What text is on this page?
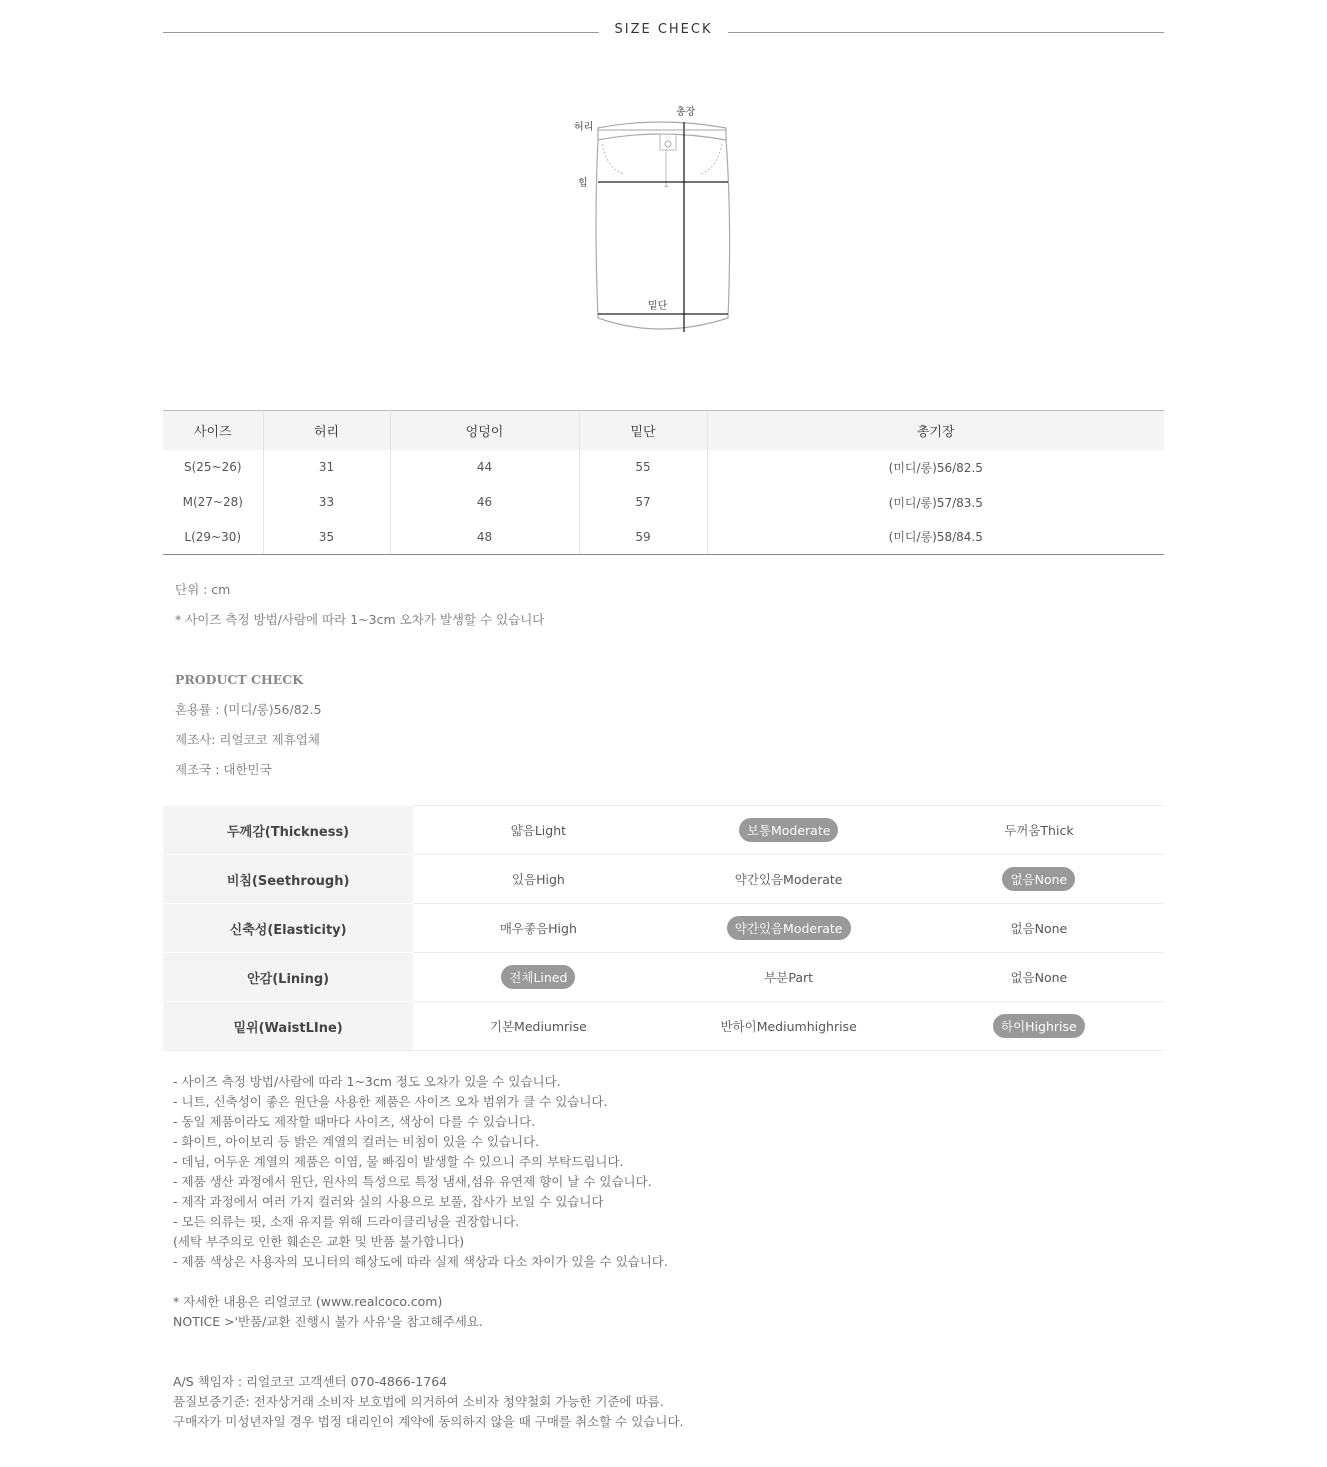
SIZE CHECK
총장
허리
힙
밑단
사이즈	허리	엉덩이	밑단	총기장
S(25~26)	31	44	55	(미디/롱)56/82.5
M(27~28)	33	46	57	(미디/롱)57/83.5
L(29~30)	35	48	59	(미디/롱)58/84.5

단위 : cm

* 사이즈 측정 방법/사람에 따라 1~3cm 오차가 발생할 수 있습니다

PRODUCT CHECK

혼용률 : (미디/롱)56/82.5

제조사: 리얼코코 제휴업체

제조국 : 대한민국

두께감(Thickness)	얇음Light	보통Moderate	두꺼움Thick
비침(Seethrough)	있음High	약간있음Moderate	없음None
신축성(Elasticity)	매우좋음High	약간있음Moderate	없음None
안감(Lining)	전체Lined	부분Part	없음None
밑위(WaistLIne)	기본Mediumrise	반하이Mediumhighrise	하이Highrise
- 사이즈 측정 방법/사람에 따라 1~3cm 정도 오차가 있을 수 있습니다.
- 니트, 신축성이 좋은 원단을 사용한 제품은 사이즈 오차 범위가 클 수 있습니다.
- 동일 제품이라도 제작할 때마다 사이즈, 색상이 다를 수 있습니다.
- 화이트, 아이보리 등 밝은 계열의 컬러는 비침이 있을 수 있습니다.
- 데님, 어두운 계열의 제품은 이염, 물 빠짐이 발생할 수 있으니 주의 부탁드립니다.
- 제품 생산 과정에서 원단, 원사의 특성으로 특정 냄새,섬유 유연제 향이 날 수 있습니다.
- 제작 과정에서 여러 가지 컬러와 실의 사용으로 보풀, 잡사가 보일 수 있습니다
- 모든 의류는 핏, 소재 유지를 위해 드라이클리닝을 권장합니다.
(세탁 부주의로 인한 훼손은 교환 및 반품 불가합니다)
- 제품 색상은 사용자의 모니터의 해상도에 따라 실제 색상과 다소 차이가 있을 수 있습니다.
* 자세한 내용은 리얼코코 (www.realcoco.com)
NOTICE >'반품/교환 진행시 불가 사유'을 참고해주세요.
A/S 책임자 : 리얼코코 고객센터 070-4866-1764
품질보증기준: 전자상거래 소비자 보호법에 의거하여 소비자 청약철회 가능한 기준에 따름.
구매자가 미성년자일 경우 법정 대리인이 계약에 동의하지 않을 때 구매를 취소할 수 있습니다.
